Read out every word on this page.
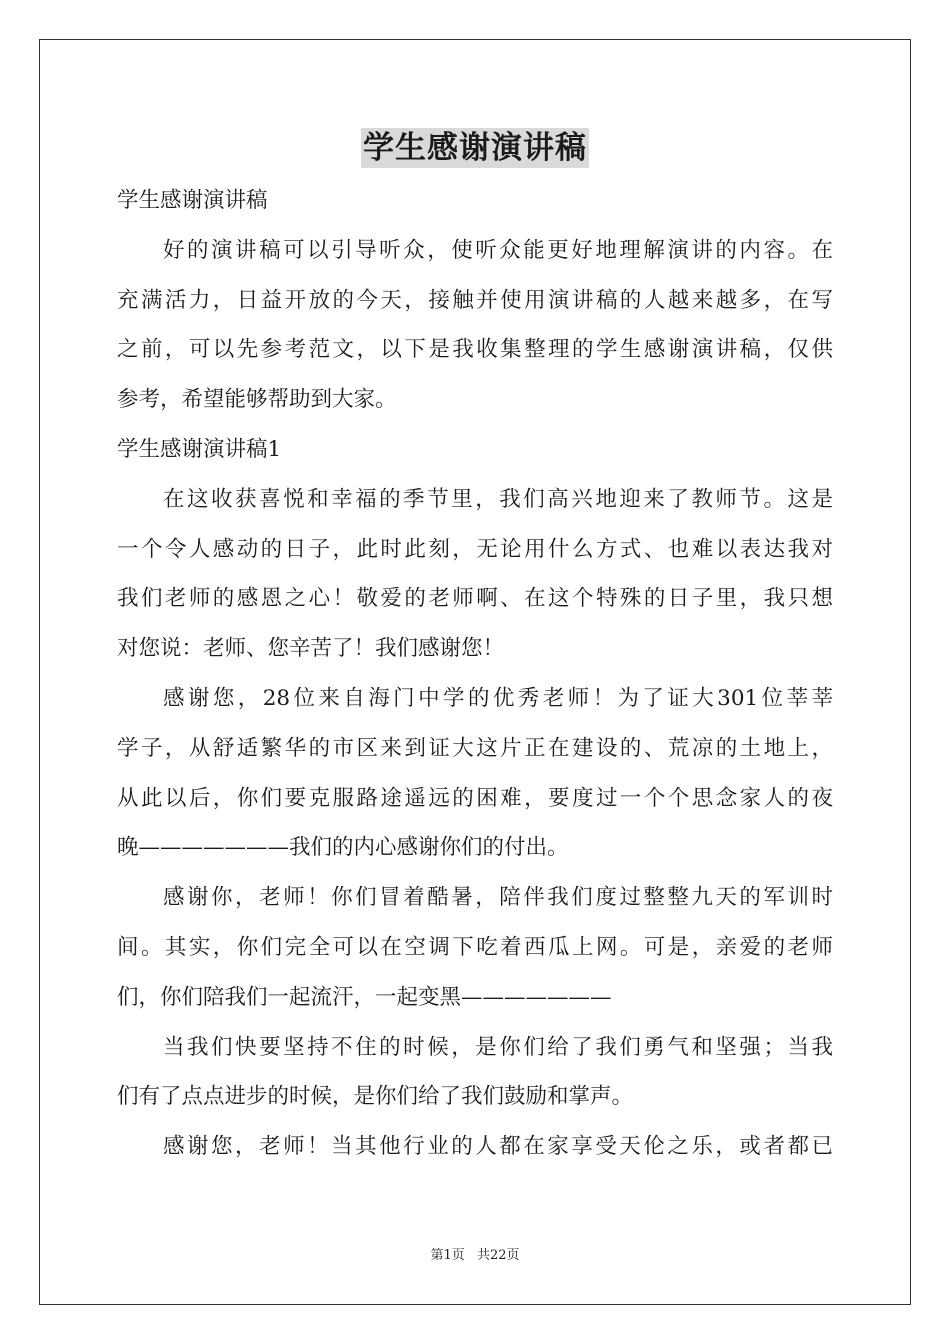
学生感谢演讲稿
学生感谢演讲稿
好的演讲稿可以引导听众，使听众能更好地理解演讲的内容。在
充满活力，日益开放的今天，接触并使用演讲稿的人越来越多，在写
之前，可以先参考范文，以下是我收集整理的学生感谢演讲稿，仅供
参考，希望能够帮助到大家。
学生感谢演讲稿1
在这收获喜悦和幸福的季节里，我们高兴地迎来了教师节。这是
一个令人感动的日子，此时此刻，无论用什么方式、也难以表达我对
我们老师的感恩之心！敬爱的老师啊、在这个特殊的日子里，我只想
对您说：老师、您辛苦了！我们感谢您！
感谢您，28位来自海门中学的优秀老师！为了证大301位莘莘
学子，从舒适繁华的市区来到证大这片正在建设的、荒凉的土地上，
从此以后，你们要克服路途遥远的困难，要度过一个个思念家人的夜
晚———————我们的内心感谢你们的付出。
感谢你，老师！你们冒着酷暑，陪伴我们度过整整九天的军训时
间。其实，你们完全可以在空调下吃着西瓜上网。可是，亲爱的老师
们，你们陪我们一起流汗，一起变黑———————
当我们快要坚持不住的时候，是你们给了我们勇气和坚强；当我
们有了点点进步的时候，是你们给了我们鼓励和掌声。
感谢您，老师！当其他行业的人都在家享受天伦之乐，或者都已
第1页 共22页
